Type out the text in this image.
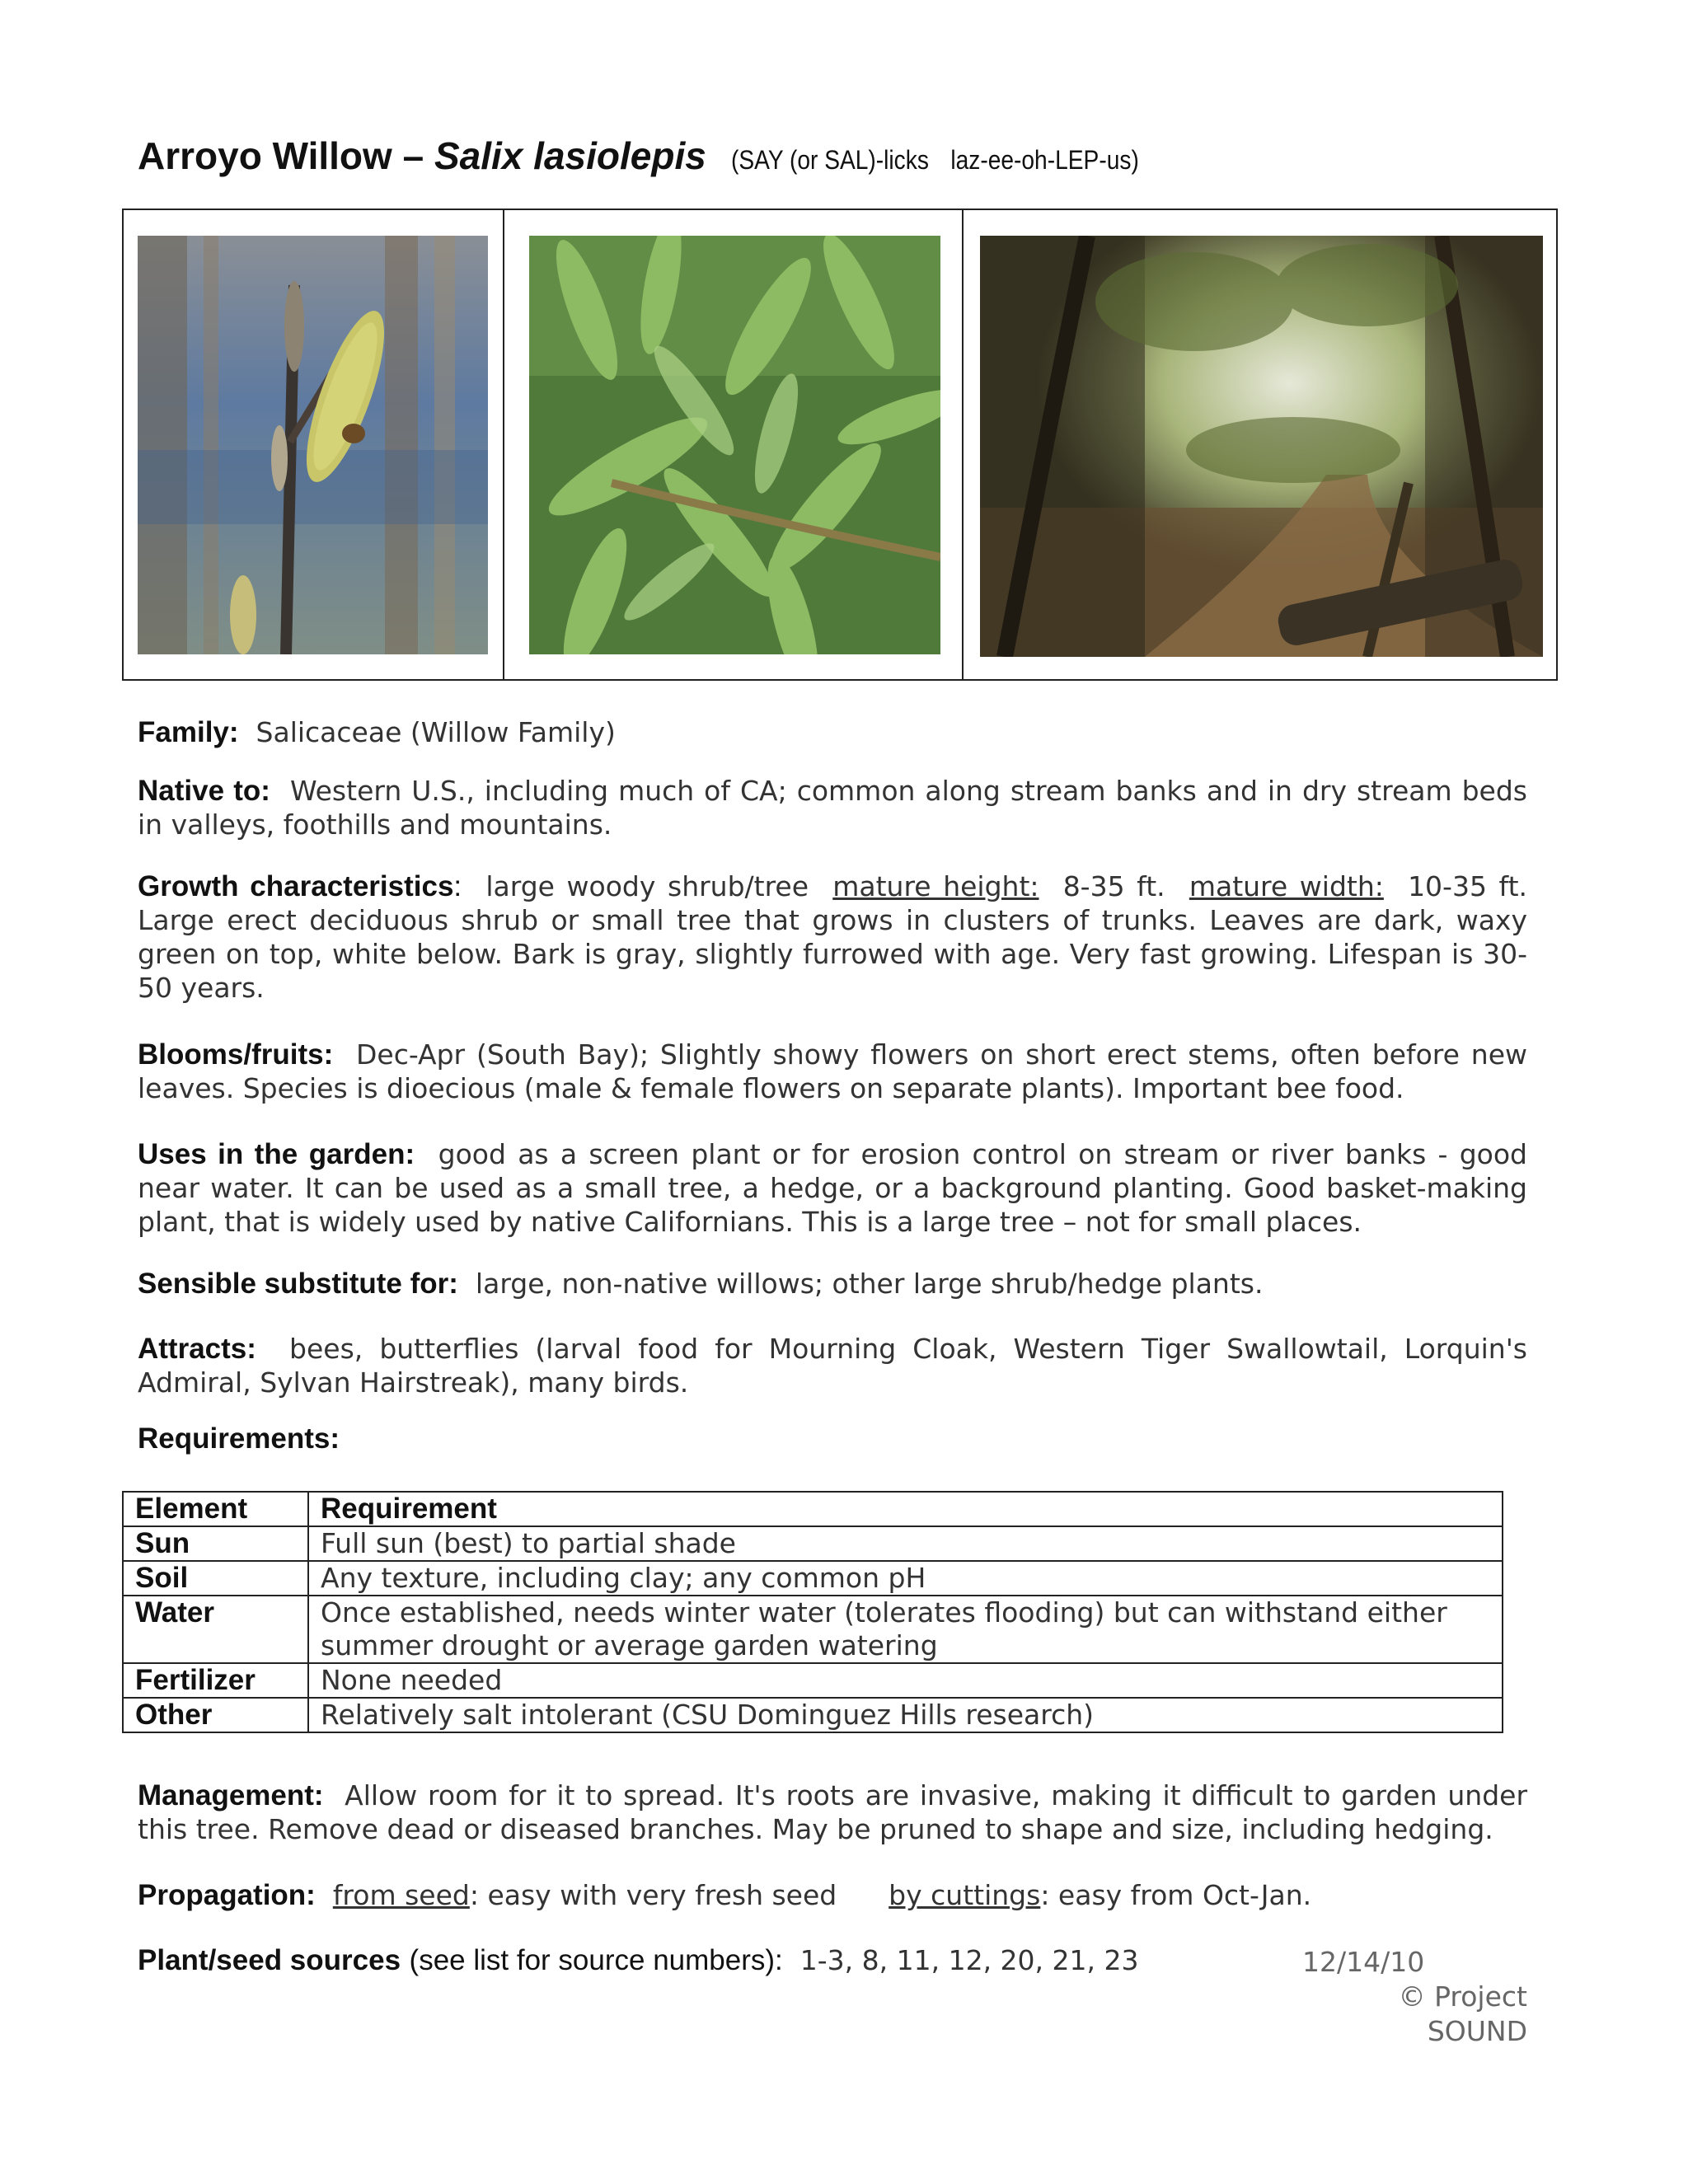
Arroyo Willow – Salix lasiolepis (SAY (or SAL)-licks laz-ee-oh-LEP-us)
Family: Salicaceae (Willow Family)
Native to: Western U.S., including much of CA; common along stream banks and in dry stream beds in valleys, foothills and mountains.
Growth characteristics: large woody shrub/tree mature height: 8-35 ft. mature width: 10-35 ft. Large erect deciduous shrub or small tree that grows in clusters of trunks. Leaves are dark, waxy green on top, white below. Bark is gray, slightly furrowed with age. Very fast growing. Lifespan is 30-50 years.
Blooms/fruits: Dec-Apr (South Bay); Slightly showy flowers on short erect stems, often before new leaves. Species is dioecious (male & female flowers on separate plants). Important bee food.
Uses in the garden: good as a screen plant or for erosion control on stream or river banks - good near water. It can be used as a small tree, a hedge, or a background planting. Good basket-making plant, that is widely used by native Californians. This is a large tree – not for small places.
Sensible substitute for: large, non-native willows; other large shrub/hedge plants.
Attracts: bees, butterflies (larval food for Mourning Cloak, Western Tiger Swallowtail, Lorquin's Admiral, Sylvan Hairstreak), many birds.
Requirements:
Element	Requirement
Sun	Full sun (best) to partial shade
Soil	Any texture, including clay; any common pH
Water	Once established, needs winter water (tolerates flooding) but can withstand either summer drought or average garden watering
Fertilizer	None needed
Other	Relatively salt intolerant (CSU Dominguez Hills research)
Management: Allow room for it to spread. It's roots are invasive, making it difficult to garden under this tree. Remove dead or diseased branches. May be pruned to shape and size, including hedging.
Propagation: from seed: easy with very fresh seed by cuttings: easy from Oct-Jan.
Plant/seed sources (see list for source numbers): 1-3, 8, 11, 12, 20, 21, 23	12/14/10
© Project SOUND
